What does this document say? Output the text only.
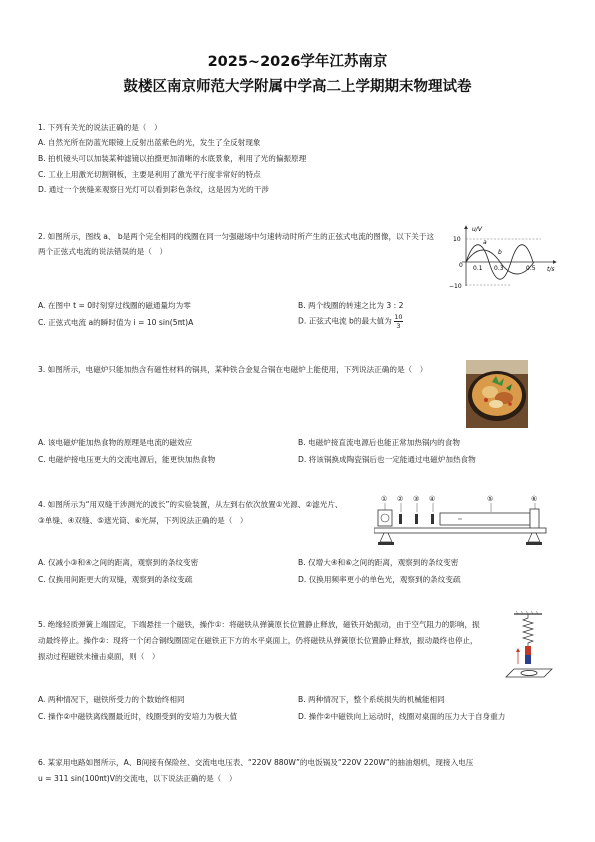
2025~2026学年江苏南京
鼓楼区南京师范大学附属中学高二上学期期末物理试卷
1. 下列有关光的说法正确的是（　）
A. 自然光所在防蓝光眼镜上反射出蓝紫色的光，发生了全反射现象
B. 拍机镜头可以加装某种滤镜以拍摄更加清晰的水底景象，利用了光的偏振原理
C. 工业上用激光切割钢板，主要是利用了激光平行度非常好的特点
D. 通过一个狭缝来观察日光灯可以看到彩色条纹，这是因为光的干涉
2. 如图所示，图线 a、 b是两个完全相同的线圈在同一匀强磁场中匀速转动时所产生的正弦式电流的图像，以下关于这
两个正弦式电流的说法错误的是（　）
u/V
t/s
10
0
−10
0.1 0.3	0.5
a
b
A. 在图中 t = 0时刻穿过线圈的磁通量均为零	B. 两个线圈的转速之比为 3 : 2
C. 正弦式电流 a的瞬时值为 i = 10 sin(5πt)A	D. 正弦式电流 b的最大值为 $\frac{10}{3}$
3. 如图所示，电磁炉只能加热含有磁性材料的锅具，某种铁合金复合锅在电磁炉上能使用，下列说法正确的是（　）
A. 该电磁炉能加热食物的原理是电流的磁效应	B. 电磁炉接直流电源后也能正常加热锅内的食物
C. 电磁炉接电压更大的交流电源后，能更快加热食物	D. 将该锅换成陶瓷锅后也一定能通过电磁炉加热食物
4. 如图所示为“用双缝干涉测光的波长”的实验装置，从左到右依次放置①光源、②滤光片、
③单缝、④双缝、⑤遮光筒、⑥光屏，下列说法正确的是（　）
① ② ③ ④	⑤	⑥
A. 仅减小③和④之间的距离，观察到的条纹变密	B. 仅增大④和⑥之间的距离，观察到的条纹变密
C. 仅换用间距更大的双缝，观察到的条纹变疏	D. 仅换用频率更小的单色光，观察到的条纹变疏
5. 绝缘轻质弹簧上端固定，下端悬挂一个磁铁，操作①：将磁铁从弹簧原长位置静止释放，磁铁开始振动，由于空气阻力的影响，振
动最终停止。操作②：现将一个闭合铜线圈固定在磁铁正下方的水平桌面上，仍将磁铁从弹簧原长位置静止释放，振动最终也停止，
振动过程磁铁未撞击桌面，则（　）
A. 两种情况下，磁铁所受力的个数始终相同	B. 两种情况下，整个系统损失的机械能相同
C. 操作②中磁铁离线圈最近时，线圈受到的安培力为极大值	D. 操作②中磁铁向上运动时，线圈对桌面的压力大于自身重力
6. 某家用电路如图所示，A、B间接有保险丝、交流电电压表、“220V 880W”的电饭锅及“220V 220W”的抽油烟机，现接入电压
u = 311 sin(100πt)V的交流电，以下说法正确的是（　）
